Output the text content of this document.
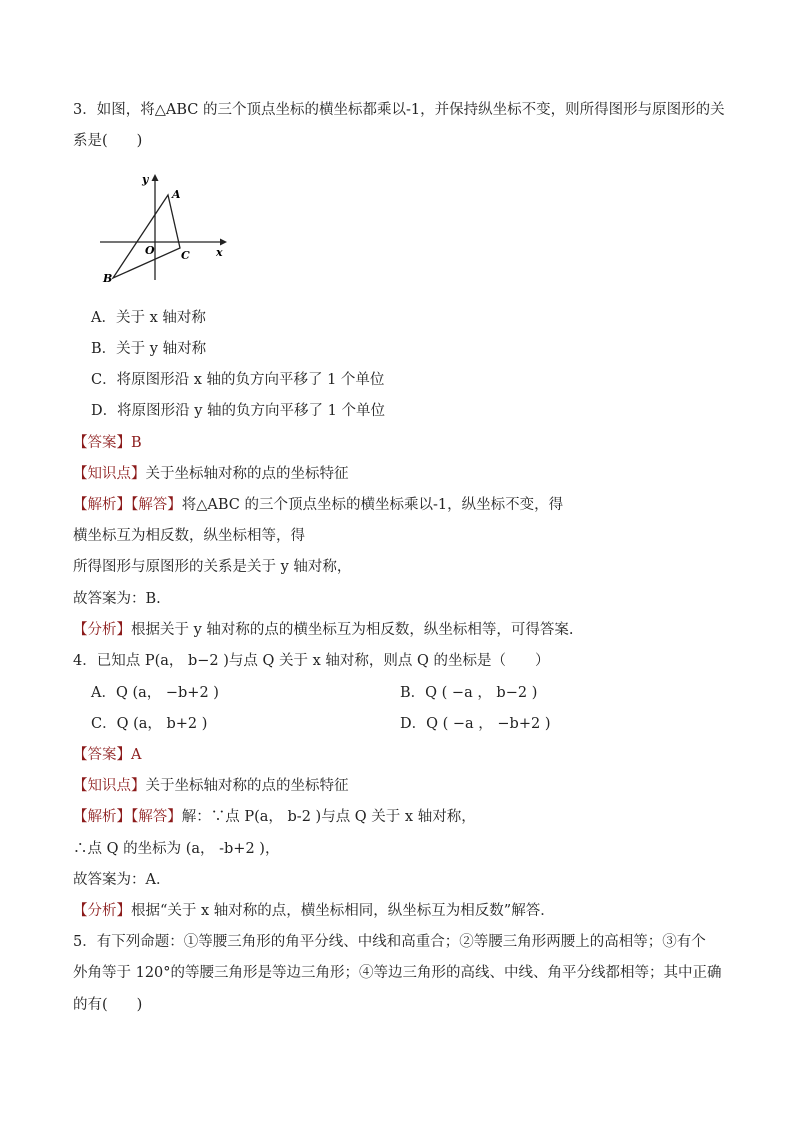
3．如图，将△ABC 的三个顶点坐标的横坐标都乘以-1，并保持纵坐标不变，则所得图形与原图形的关
系是(　　)
y
A
O C x
B
A．关于 x 轴对称
B．关于 y 轴对称
C．将原图形沿 x 轴的负方向平移了 1 个单位
D．将原图形沿 y 轴的负方向平移了 1 个单位
【答案】B
【知识点】关于坐标轴对称的点的坐标特征
【解析】【解答】将△ABC 的三个顶点坐标的横坐标乘以-1，纵坐标不变，得
横坐标互为相反数，纵坐标相等，得
所得图形与原图形的关系是关于 y 轴对称，
故答案为：B.
【分析】根据关于 y 轴对称的点的横坐标互为相反数，纵坐标相等，可得答案.
4．已知点 P(a， b−2 )与点 Q 关于 x 轴对称，则点 Q 的坐标是（　　）
A．Q (a， −b+2 )	B．Q ( −a ， b−2 )
C．Q (a， b+2 )	D．Q ( −a ， −b+2 )
【答案】A
【知识点】关于坐标轴对称的点的坐标特征
【解析】【解答】解：∵点 P(a， b-2 )与点 Q 关于 x 轴对称，
∴点 Q 的坐标为 (a， -b+2 )，
故答案为：A．
【分析】根据“关于 x 轴对称的点，横坐标相同，纵坐标互为相反数”解答．
5．有下列命题：①等腰三角形的角平分线、中线和高重合；②等腰三角形两腰上的高相等；③有个
外角等于 120°的等腰三角形是等边三角形；④等边三角形的高线、中线、角平分线都相等；其中正确
的有(　　)
